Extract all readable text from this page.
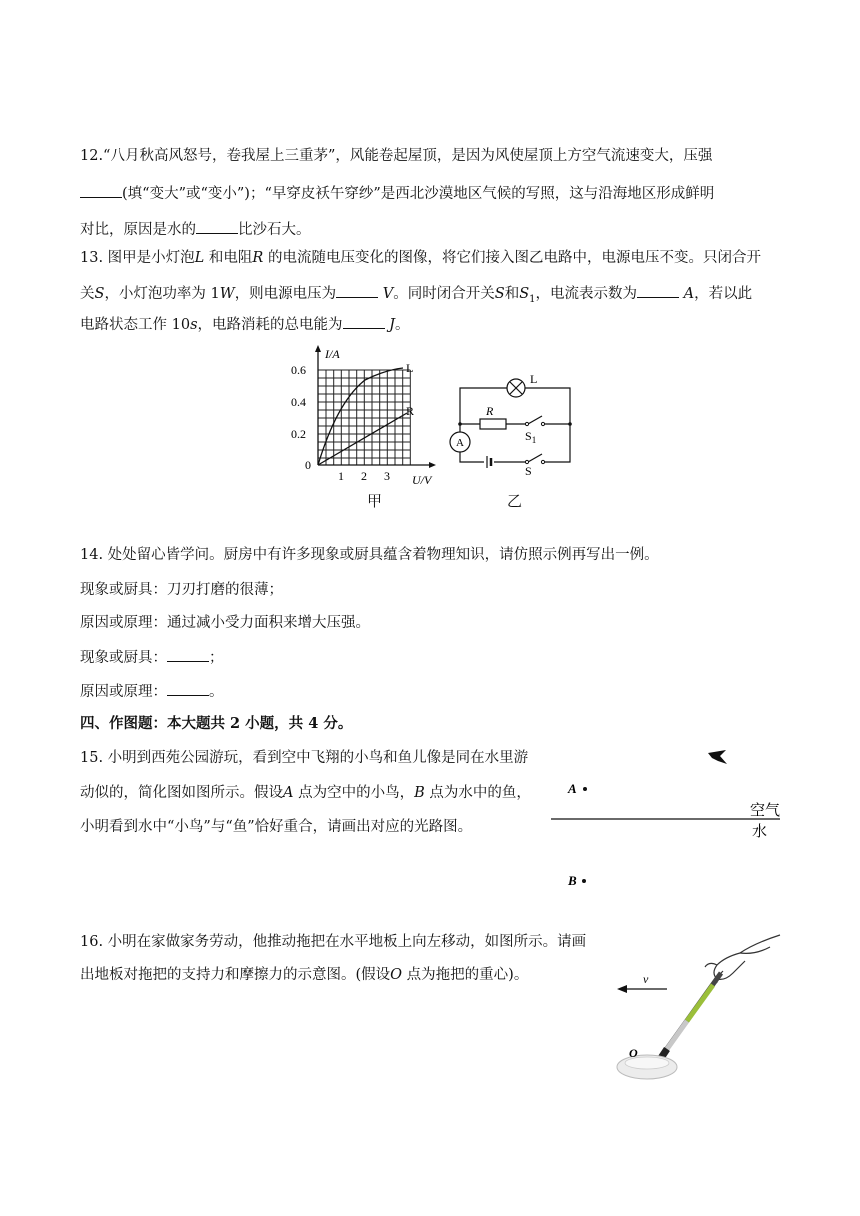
12.“八月秋高风怒号，卷我屋上三重茅”，风能卷起屋顶，是因为风使屋顶上方空气流速变大，压强
(填“变大”或“变小”)；“早穿皮袄午穿纱”是西北沙漠地区气候的写照，这与沿海地区形成鲜明
对比，原因是水的	比沙石大。
13. 图甲是小灯泡L 和电阻R 的电流随电压变化的图像，将它们接入图乙电路中，电源电压不变。只闭合开
关S，小灯泡功率为 1W，则电源电压为	V。同时闭合开关S和$S_1$，电流表示数为	A，若以此
电路状态工作 10s，电路消耗的总电能为	J。
I/A
U/V
0.6
0.4
0.2
0
1 2 3
L
R
甲
L
R
$S_1$
S
A
乙
14. 处处留心皆学问。厨房中有许多现象或厨具蕴含着物理知识，请仿照示例再写出一例。
现象或厨具：刀刃打磨的很薄；
原因或原理：通过减小受力面积来增大压强。
现象或厨具：	；
原因或原理：	。
四、作图题：本大题共 2 小题，共 4 分。
15. 小明到西苑公园游玩，看到空中飞翔的小鸟和鱼儿像是同在水里游
动似的，简化图如图所示。假设A 点为空中的小鸟，B 点为水中的鱼，
小明看到水中“小鸟”与“鱼”恰好重合，请画出对应的光路图。
A
B
空气
水
16. 小明在家做家务劳动，他推动拖把在水平地板上向左移动，如图所示。请画
出地板对拖把的支持力和摩擦力的示意图。(假设O 点为拖把的重心)。	v
O
